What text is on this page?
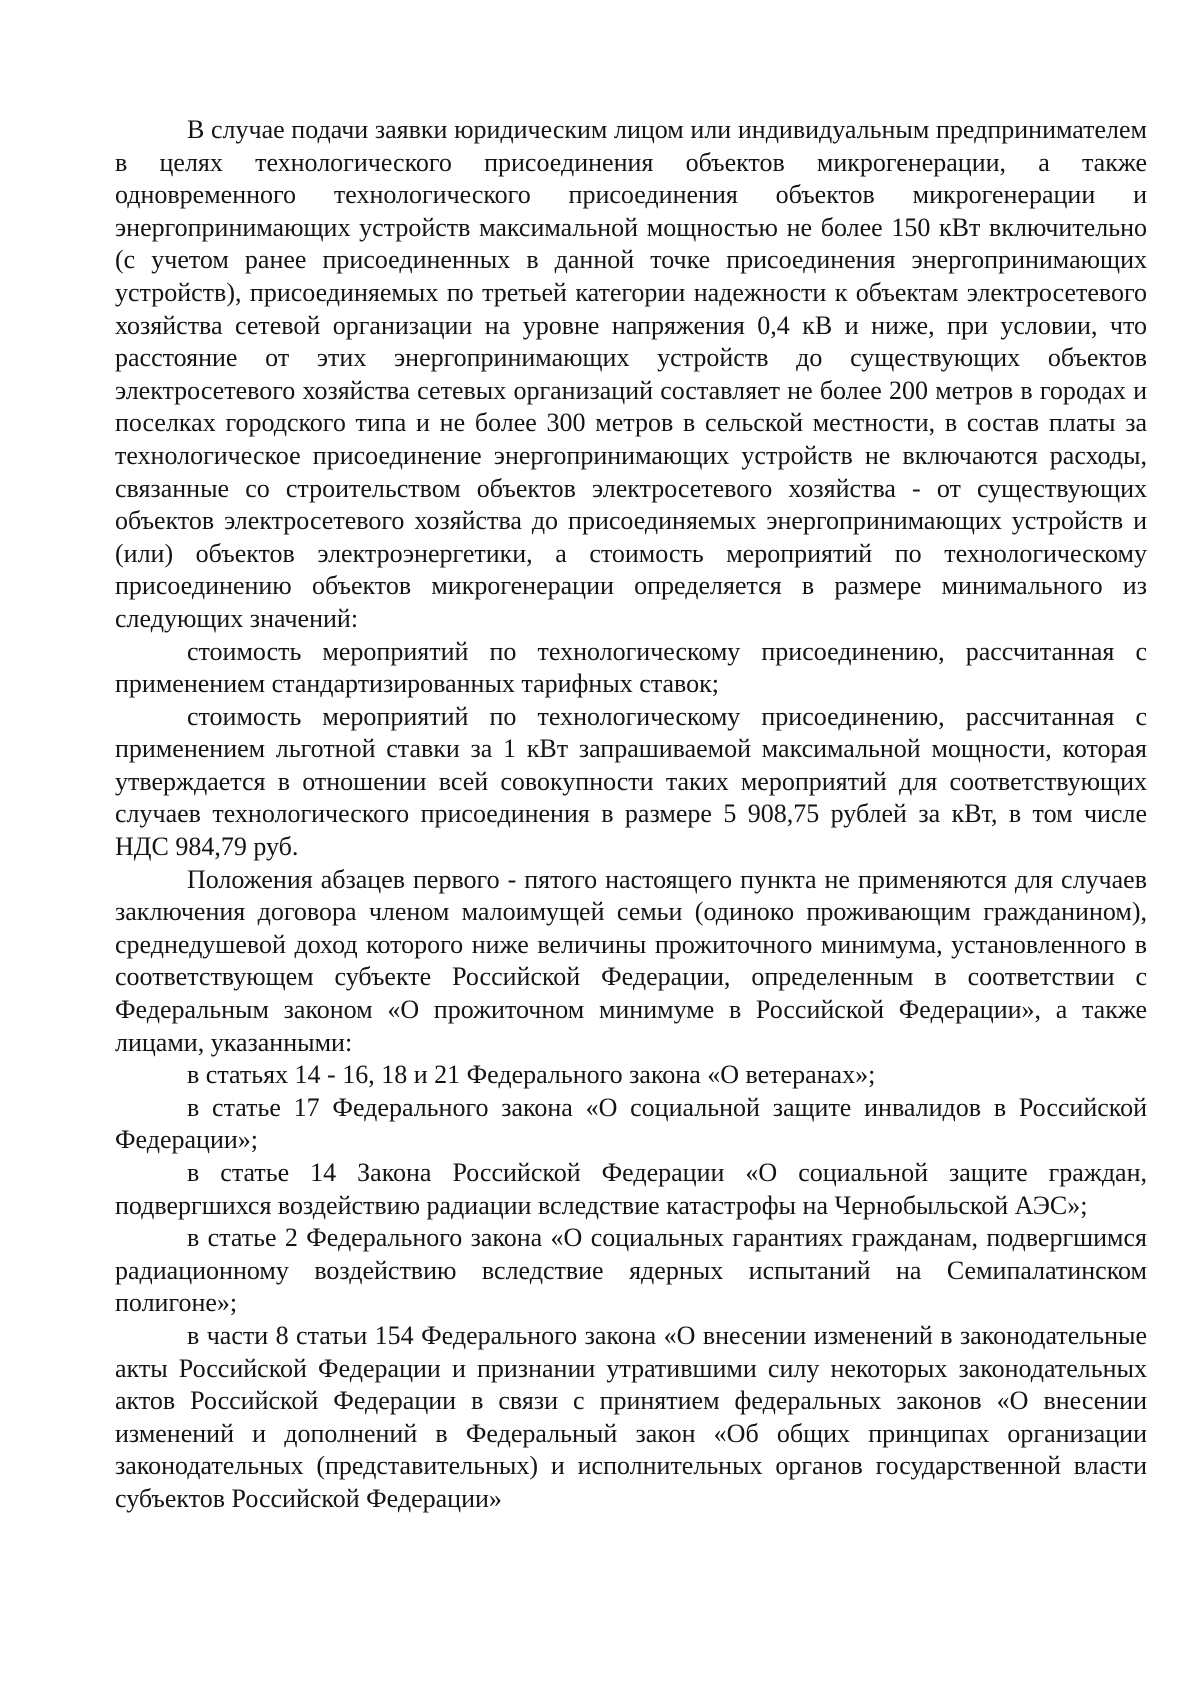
В случае подачи заявки юридическим лицом или индивидуальным предпринимателем в целях технологического присоединения объектов микрогенерации, а также одновременного технологического присоединения объектов микрогенерации и энергопринимающих устройств максимальной мощностью не более 150 кВт включительно (с учетом ранее присоединенных в данной точке присоединения энергопринимающих устройств), присоединяемых по третьей категории надежности к объектам электросетевого хозяйства сетевой организации на уровне напряжения 0,4 кВ и ниже, при условии, что расстояние от этих энергопринимающих устройств до существующих объектов электросетевого хозяйства сетевых организаций составляет не более 200 метров в городах и поселках городского типа и не более 300 метров в сельской местности, в состав платы за технологическое присоединение энергопринимающих устройств не включаются расходы, связанные со строительством объектов электросетевого хозяйства - от существующих объектов электросетевого хозяйства до присоединяемых энергопринимающих устройств и (или) объектов электроэнергетики, а стоимость мероприятий по технологическому присоединению объектов микрогенерации определяется в размере минимального из следующих значений:

стоимость мероприятий по технологическому присоединению, рассчитанная с применением стандартизированных тарифных ставок;

стоимость мероприятий по технологическому присоединению, рассчитанная с применением льготной ставки за 1 кВт запрашиваемой максимальной мощности, которая утверждается в отношении всей совокупности таких мероприятий для соответствующих случаев технологического присоединения в размере 5 908,75 рублей за кВт, в том числе НДС 984,79 руб.

Положения абзацев первого - пятого настоящего пункта не применяются для случаев заключения договора членом малоимущей семьи (одиноко проживающим гражданином), среднедушевой доход которого ниже величины прожиточного минимума, установленного в соответствующем субъекте Российской Федерации, определенным в соответствии с Федеральным законом «О прожиточном минимуме в Российской Федерации», а также лицами, указанными:

в статьях 14 - 16, 18 и 21 Федерального закона «О ветеранах»;

в статье 17 Федерального закона «О социальной защите инвалидов в Российской Федерации»;

в статье 14 Закона Российской Федерации «О социальной защите граждан, подвергшихся воздействию радиации вследствие катастрофы на Чернобыльской АЭС»;

в статье 2 Федерального закона «О социальных гарантиях гражданам, подвергшимся радиационному воздействию вследствие ядерных испытаний на Семипалатинском полигоне»;

в части 8 статьи 154 Федерального закона «О внесении изменений в законодательные акты Российской Федерации и признании утратившими силу некоторых законодательных актов Российской Федерации в связи с принятием федеральных законов «О внесении изменений и дополнений в Федеральный закон «Об общих принципах организации законодательных (представительных) и исполнительных органов государственной власти субъектов Российской Федерации»
